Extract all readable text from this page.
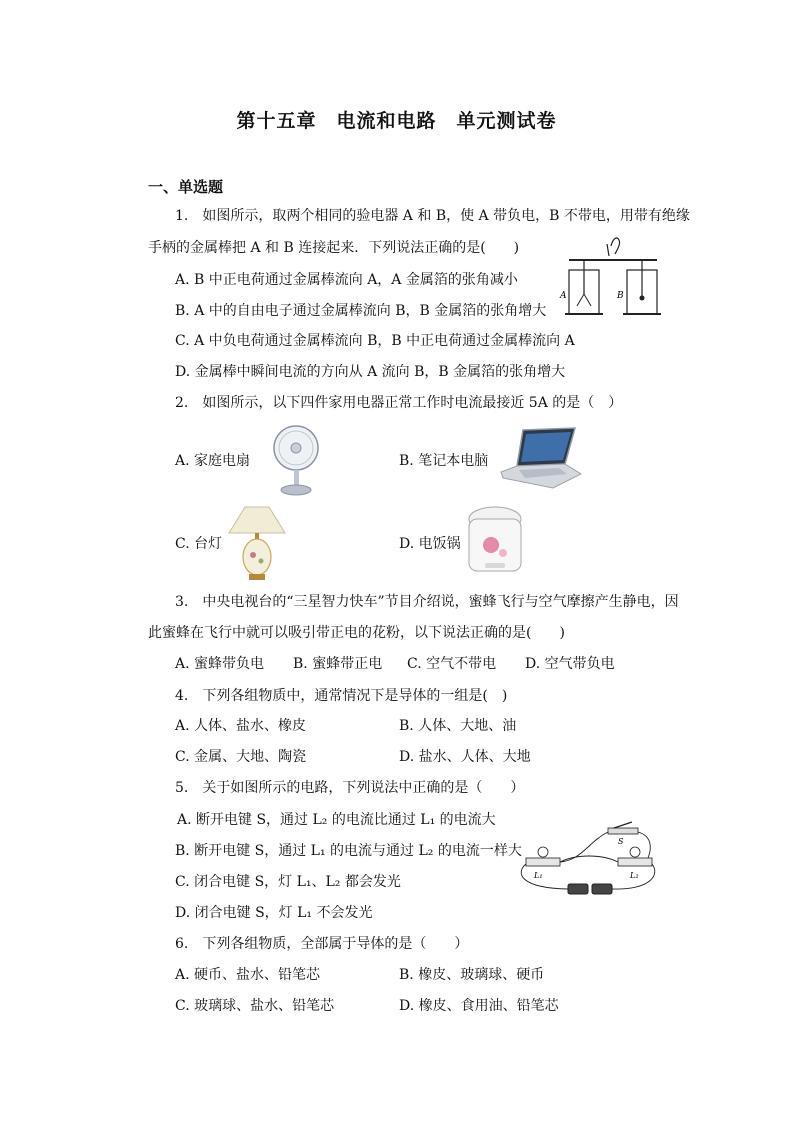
第十五章　电流和电路　单元测试卷
一、单选题
1.　如图所示，取两个相同的验电器 A 和 B，使 A 带负电，B 不带电，用带有绝缘
手柄的金属棒把 A 和 B 连接起来．下列说法正确的是(　　)
A. B 中正电荷通过金属棒流向 A，A 金属箔的张角减小
B. A 中的自由电子通过金属棒流向 B，B 金属箔的张角增大
C. A 中负电荷通过金属棒流向 B，B 中正电荷通过金属棒流向 A
D. 金属棒中瞬间电流的方向从 A 流向 B，B 金属箔的张角增大
A	B
2.　如图所示，以下四件家用电器正常工作时电流最接近 5A 的是（　）
A. 家庭电扇	B. 笔记本电脑
C. 台灯	D. 电饭锅
3.　中央电视台的“三星智力快车”节目介绍说，蜜蜂飞行与空气摩擦产生静电，因
此蜜蜂在飞行中就可以吸引带正电的花粉，以下说法正确的是(　　)
A. 蜜蜂带负电 B. 蜜蜂带正电 C. 空气不带电 D. 空气带负电
4.　下列各组物质中，通常情况下是导体的一组是(　)
A. 人体、盐水、橡皮	B. 人体、大地、油
C. 金属、大地、陶瓷	D. 盐水、人体、大地
5.　关于如图所示的电路，下列说法中正确的是（　　）
A. 断开电键 S，通过 L₂ 的电流比通过 L₁ 的电流大
B. 断开电键 S，通过 L₁ 的电流与通过 L₂ 的电流一样大
C. 闭合电键 S，灯 L₁、L₂ 都会发光
D. 闭合电键 S，灯 L₁ 不会发光
S
L₁	L₂
6.　下列各组物质，全部属于导体的是（　　）
A. 硬币、盐水、铅笔芯	B. 橡皮、玻璃球、硬币
C. 玻璃球、盐水、铅笔芯	D. 橡皮、食用油、铅笔芯
